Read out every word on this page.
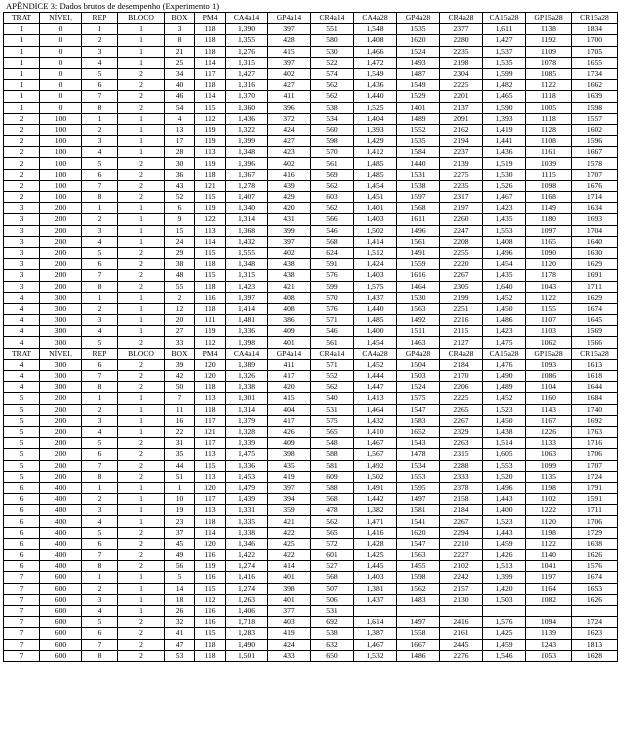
APÊNDICE 3: Dados brutos de desempenho (Experimento 1)
TRAT	NÍVEL	REP	BLOCO	BOX	PM4	CA4a14	GP4a14	CR4a14	CA4a28	GP4a28	CR4a28	CA15a28	GP15a28	CR15a28
1	0	1	1	3	118	1,390	397	551	1,548	1535	2377	1,611	1138	1834
1	0	2	1	8	118	1,355	428	580	1,408	1620	2280	1,427	1192	1700
1	0	3	1	21	118	1,276	415	530	1,466	1524	2235	1,537	1109	1705
1	0	4	1	25	114	1,315	397	522	1,472	1493	2198	1,535	1078	1655
1	0	5	2	34	117	1,427	402	574	1,549	1487	2304	1,599	1085	1734
1	0	6	2	40	118	1,316	427	562	1,436	1549	2225	1,482	1122	1662
1	0	7	2	46	114	1,370	411	562	1,440	1529	2201	1,465	1118	1639
1	0	8	2	54	115	1,360	396	538	1,525	1401	2137	1,590	1005	1598
2	100	1	1	4	112	1,436	372	534	1,404	1489	2091	1,393	1118	1557
2	100	2	1	13	119	1,322	424	560	1,393	1552	2162	1,419	1128	1602
2	100	3	1	17	119	1,399	427	598	1,429	1535	2194	1,441	1108	1596
2	100	4	1	28	113	1,348	423	570	1,412	1584	2237	1,436	1161	1667
2	100	5	2	30	119	1,396	402	561	1,485	1440	2139	1,519	1039	1578
2	100	6	2	36	118	1,367	416	569	1,485	1531	2275	1,530	1115	1707
2	100	7	2	43	121	1,278	439	562	1,454	1538	2235	1,526	1098	1676
2	100	8	2	52	115	1,407	429	603	1,451	1597	2317	1,467	1168	1714
3	200	1	1	6	119	1,340	420	562	1,401	1568	2197	1,423	1149	1634
3	200	2	1	9	122	1,314	431	566	1,403	1611	2260	1,435	1180	1693
3	200	3	1	15	113	1,368	399	546	1,502	1496	2247	1,553	1097	1704
3	200	4	1	24	114	1,432	397	568	1,414	1561	2208	1,408	1165	1640
3	200	5	2	29	115	1,555	402	624	1,512	1491	2255	1,496	1090	1630
3	200	6	2	38	118	1,348	438	591	1,424	1559	2220	1,454	1120	1629
3	200	7	2	48	115	1,315	438	576	1,403	1616	2267	1,435	1178	1691
3	200	8	2	55	118	1,423	421	599	1,575	1464	2305	1,640	1043	1711
4	300	1	1	2	116	1,397	408	570	1,437	1530	2199	1,452	1122	1629
4	300	2	1	12	118	1,414	408	576	1,440	1563	2251	1,450	1155	1674
4	300	3	1	20	111	1,481	386	571	1,485	1492	2216	1,486	1107	1645
4	300	4	1	27	119	1,336	409	546	1,400	1511	2115	1,423	1103	1569
4	300	5	2	33	112	1,398	401	561	1,454	1463	2127	1,475	1062	1566
TRAT	NÍVEL	REP	BLOCO	BOX	PM4	CA4a14	GP4a14	CR4a14	CA4a28	GP4a28	CR4a28	CA15a28	GP15a28	CR15a28
4	300	6	2	39	120	1,389	411	571	1,452	1504	2184	1,476	1093	1613
4	300	7	2	42	120	1,326	417	552	1,444	1503	2170	1,490	1086	1618
4	300	8	2	50	118	1,338	420	562	1,447	1524	2206	1,489	1104	1644
5	200	1	1	7	113	1,301	415	540	1,413	1575	2225	1,452	1160	1684
5	200	2	1	11	118	1,314	404	531	1,464	1547	2265	1,523	1143	1740
5	200	3	1	16	117	1,379	417	575	1,432	1583	2267	1,450	1167	1692
5	200	4	1	22	121	1,328	426	565	1,410	1652	2329	1,438	1226	1763
5	200	5	2	31	117	1,339	409	548	1,467	1543	2263	1,514	1133	1716
5	200	6	2	35	113	1,475	398	588	1,567	1478	2315	1,605	1063	1706
5	200	7	2	44	115	1,336	435	581	1,492	1534	2288	1,553	1099	1707
5	200	8	2	51	113	1,453	419	609	1,502	1553	2333	1,520	1135	1724
6	400	1	1	1	120	1,479	397	588	1,491	1595	2378	1,496	1198	1791
6	400	2	1	10	117	1,439	394	568	1,442	1497	2158	1,443	1102	1591
6	400	3	1	19	113	1,331	359	478	1,382	1581	2184	1,400	1222	1711
6	400	4	1	23	118	1,335	421	562	1,471	1541	2267	1,523	1120	1706
6	400	5	2	37	114	1,338	422	565	1,416	1620	2294	1,443	1198	1729
6	400	6	2	45	120	1,346	425	572	1,428	1547	2210	1,459	1122	1638
6	400	7	2	49	116	1,422	422	601	1,425	1563	2227	1,426	1140	1626
6	400	8	2	56	119	1,274	414	527	1,445	1455	2102	1,513	1041	1576
7	600	1	1	5	116	1,416	401	568	1,403	1598	2242	1,399	1197	1674
7	600	2	1	14	115	1,274	398	507	1,381	1562	2157	1,420	1164	1653
7	600	3	1	18	112	1,263	401	506	1,437	1483	2130	1,503	1082	1626
7	600	4	1	26	116	1,406	377	531						
7	600	5	2	32	116	1,718	403	692	1,614	1497	2416	1,576	1094	1724
7	600	6	2	41	115	1,283	419	538	1,387	1558	2161	1,425	1139	1623
7	600	7	2	47	118	1,490	424	632	1,467	1667	2445	1,459	1243	1813
7	600	8	2	53	118	1,501	433	650	1,532	1486	2276	1,546	1053	1628
